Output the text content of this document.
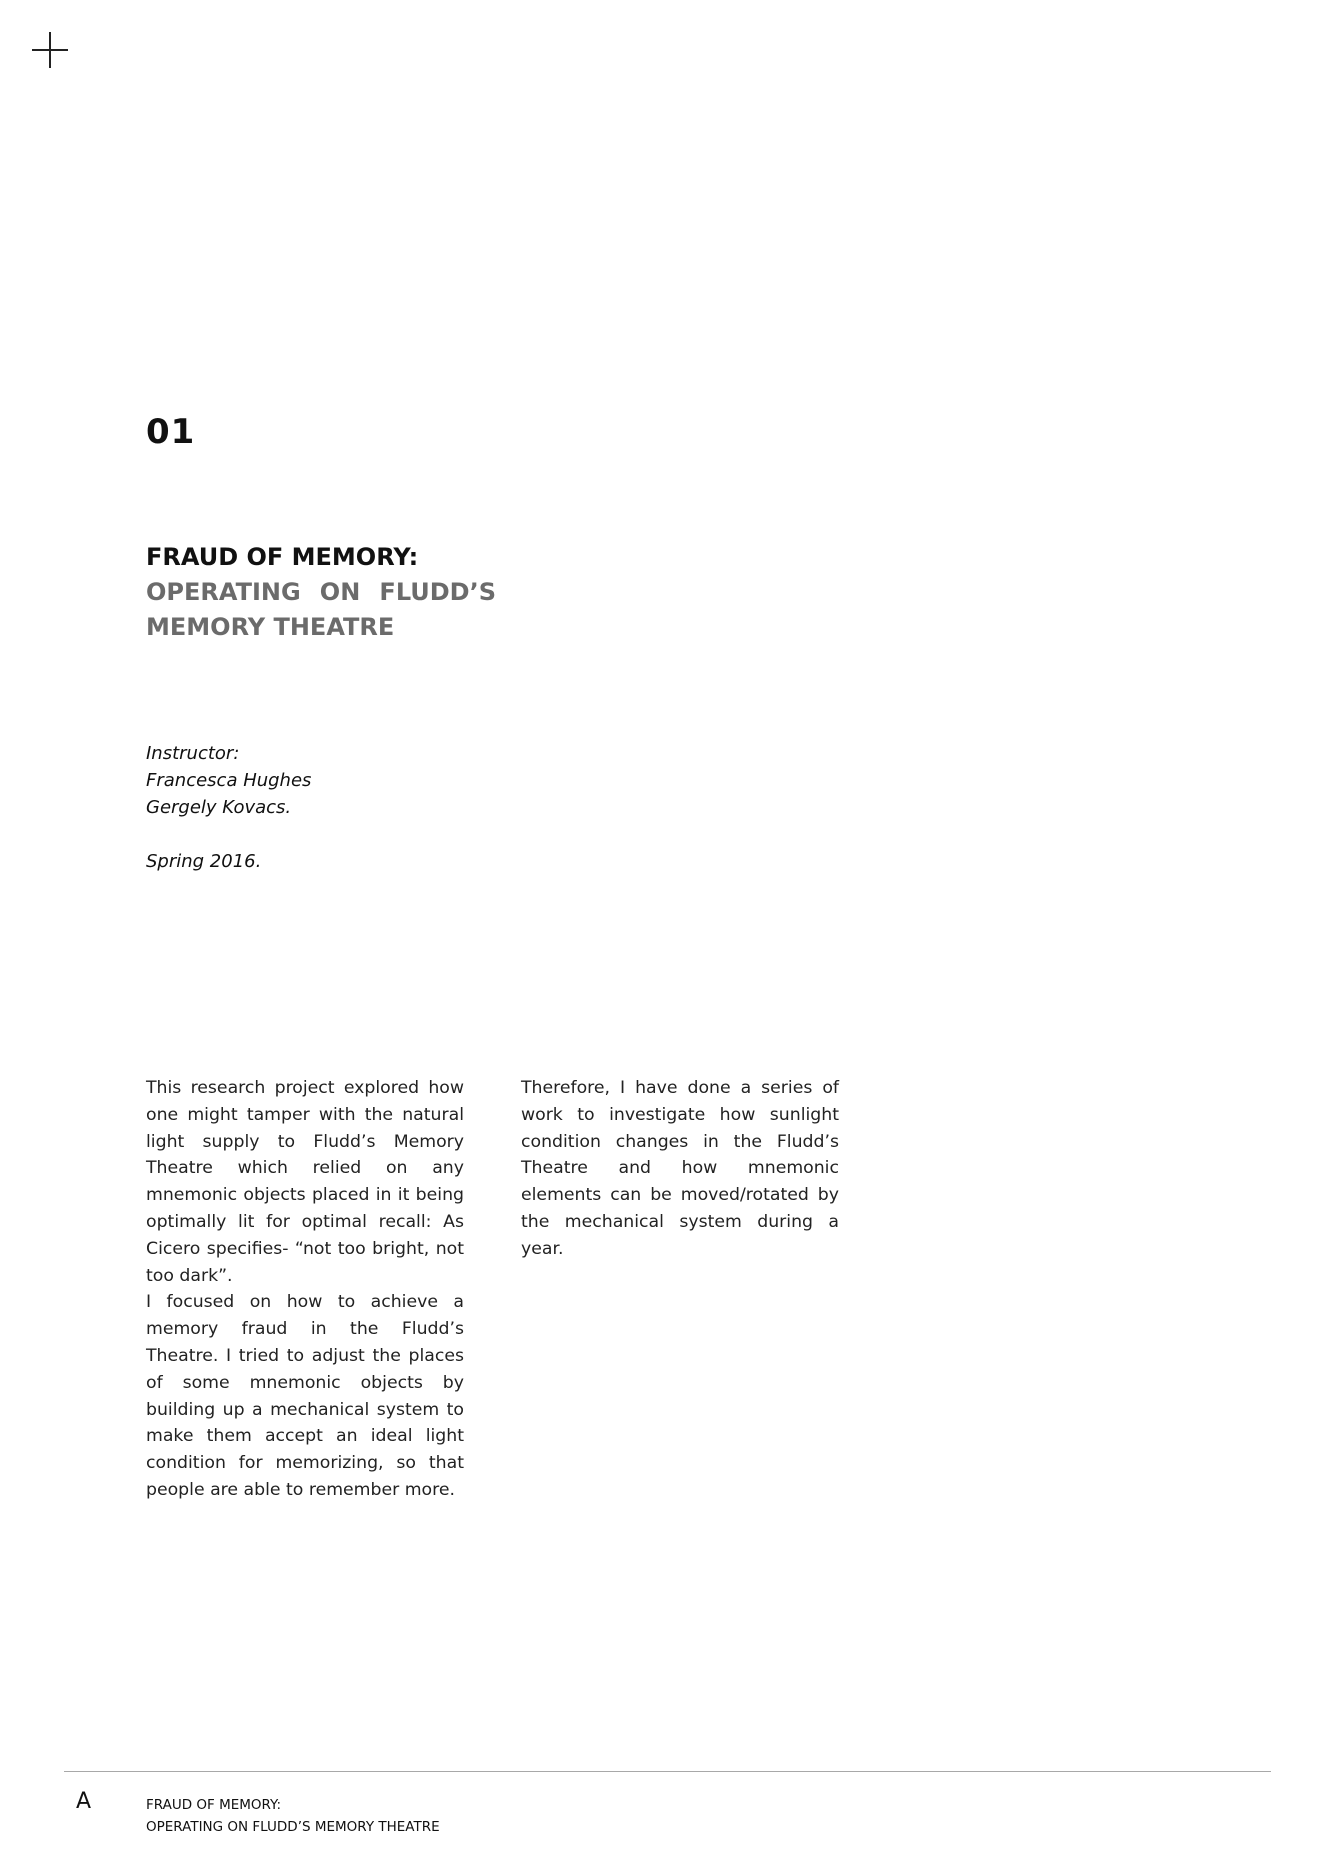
01
FRAUD OF MEMORY:
OPERATING ON FLUDD’S
MEMORY THEATRE
Instructor:
Francesca Hughes
Gergely Kovacs.
Spring 2016.

This research project explored how one might tamper with the natural light supply to Fludd’s Memory Theatre which relied on any mnemonic objects placed in it being optimally lit for optimal recall: As Cicero specifies- “not too bright, not too dark”.

I focused on how to achieve a memory fraud in the Fludd’s Theatre. I tried to adjust the places of some mnemonic objects by building up a mechanical system to make them accept an ideal light condition for memorizing, so that people are able to remember more.

Therefore, I have done a series of work to investigate how sunlight condition changes in the Fludd’s Theatre and how mnemonic elements can be moved/rotated by the mechanical system during a year.

A	FRAUD OF MEMORY:
OPERATING ON FLUDD’S MEMORY THEATRE
